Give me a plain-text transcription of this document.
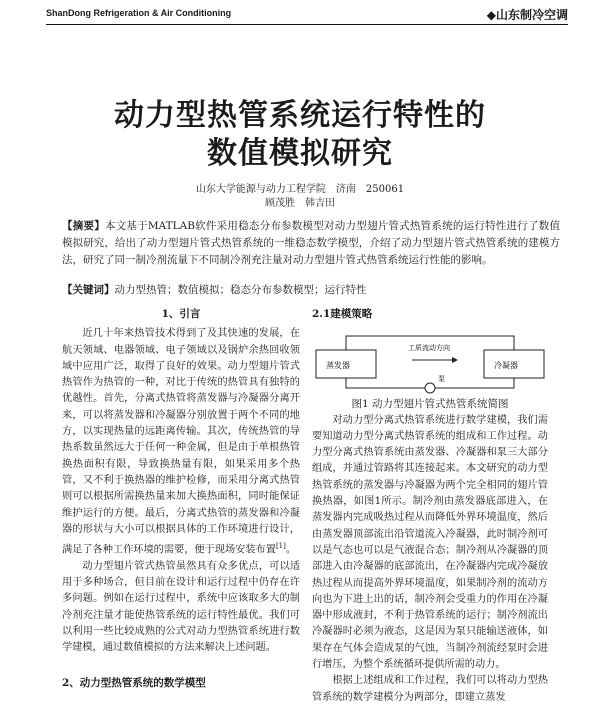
ShanDong Refrigeration & Air Conditioning	◆山东制冷空调
动力型热管系统运行特性的
数值模拟研究
山东大学能源与动力工程学院　济南　250061
顾茂胜　韩吉田
【摘要】本文基于MATLAB软件采用稳态分布参数模型对动力型翅片管式热管系统的运行特性进行了数值模拟研究，给出了动力型翅片管式热管系统的一维稳态数学模型，介绍了动力型翅片管式热管系统的建模方法，研究了同一制冷剂流量下不同制冷剂充注量对动力型翅片管式热管系统运行性能的影响。
【关键词】动力型热管；数值模拟；稳态分布参数模型；运行特性
1、引言

近几十年来热管技术得到了及其快速的发展，在航天领域、电器领域、电子领域以及锅炉余热回收领域中应用广泛，取得了良好的效果。动力型翅片管式热管作为热管的一种，对比于传统的热管具有独特的优越性。首先，分离式热管将蒸发器与冷凝器分离开来，可以将蒸发器和冷凝器分别放置于两个不同的地方，以实现热量的远距离传输。其次，传统热管的导热系数虽然远大于任何一种金属，但是由于单根热管换热面积有限，导致换热量有限，如果采用多个热管，又不利于换热器的维护检修，而采用分离式热管则可以根据所需换热量来加大换热面积，同时能保证维护运行的方便。最后，分离式热管的蒸发器和冷凝器的形状与大小可以根据具体的工作环境进行设计，满足了各种工作环境的需要，便于现场安装布置[1]。

动力型翅片管式热管虽然具有众多优点，可以适用于多种场合，但目前在设计和运行过程中仍存在许多问题。例如在运行过程中，系统中应该取多大的制冷剂充注量才能使热管系统的运行特性最优。我们可以利用一些比较成熟的公式对动力型热管系统进行数学建模，通过数值模拟的方法来解决上述问题。

2、动力型热管系统的数学模型
2.1建模策略
蒸发器	冷凝器
工质流动方向
泵

图1 动力型翅片管式热管系统简图

对动力型分离式热管系统进行数学建模，我们需要知道动力型分离式热管系统的组成和工作过程。动力型分离式热管系统由蒸发器、冷凝器和泵三大部分组成，并通过管路将其连接起来。本文研究的动力型热管系统的蒸发器与冷凝器为两个完全相同的翅片管换热器，如图1所示。制冷剂由蒸发器底部进入，在蒸发器内完成吸热过程从而降低外界环境温度，然后由蒸发器顶部流出沿管道流入冷凝器，此时制冷剂可以是气态也可以是气液混合态；制冷剂从冷凝器的顶部进入由冷凝器的底部流出，在冷凝器内完成冷凝放热过程从而提高外界环境温度，如果制冷剂的流动方向也为下进上出的话，制冷剂会受重力的作用在冷凝器中形成液封，不利于热管系统的运行；制冷剂流出冷凝器时必须为液态，这是因为泵只能输送液体，如果存在气体会造成泵的气蚀，当制冷剂流经泵时会进行增压，为整个系统循环提供所需的动力。

根据上述组成和工作过程，我们可以将动力型热管系统的数学建模分为两部分，即建立蒸发
